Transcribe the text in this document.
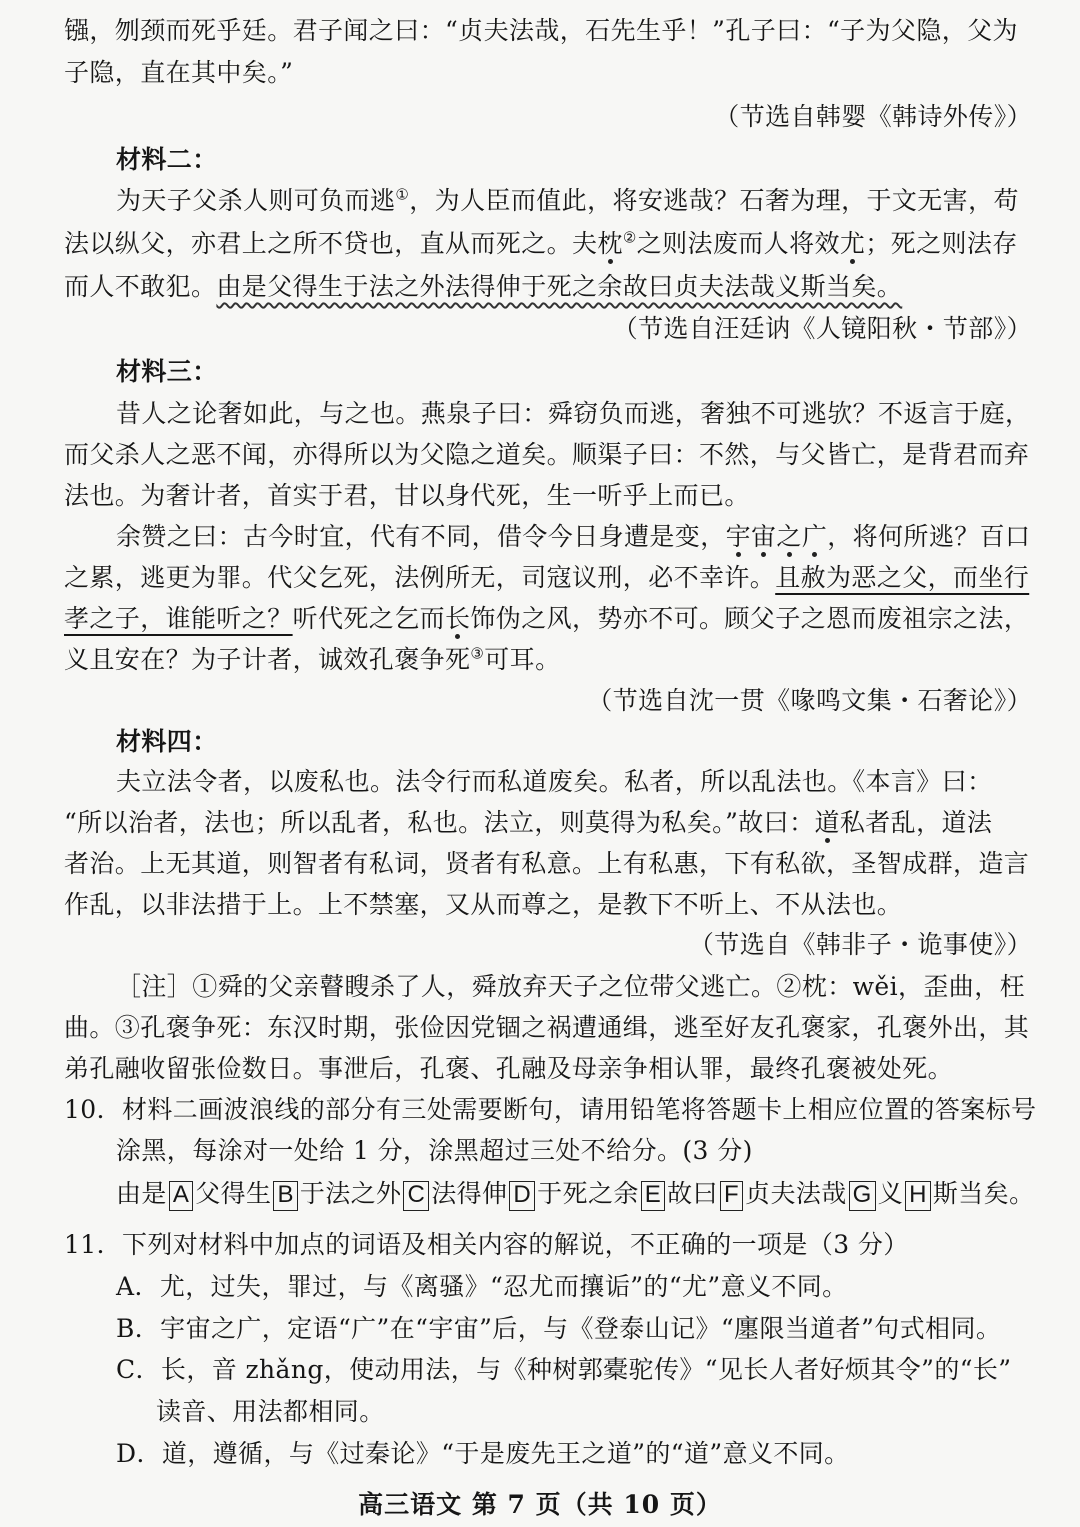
镪，刎颈而死乎廷。君子闻之曰：“贞夫法哉，石先生乎！”孔子曰：“子为父隐，父为
子隐，直在其中矣。”
（节选自韩婴《韩诗外传》）
材料二：
为天子父杀人则可负而逃①，为人臣而值此，将安逃哉？石奢为理，于文无害，苟
法以纵父，亦君上之所不贷也，直从而死之。夫枕②之则法废而人将效尤；死之则法存
而人不敢犯。由是父得生于法之外法得伸于死之余故曰贞夫法哉义斯当矣。
（节选自汪廷讷《人镜阳秋・节部》）
材料三：
昔人之论奢如此，与之也。燕泉子曰：舜窃负而逃，奢独不可逃欤？不返言于庭，
而父杀人之恶不闻，亦得所以为父隐之道矣。顺渠子曰：不然，与父皆亡，是背君而弃
法也。为奢计者，首实于君，甘以身代死，生一听乎上而已。
余赞之曰：古今时宜，代有不同，借令今日身遭是变，宇宙之广，将何所逃？百口
之累，逃更为罪。代父乞死，法例所无，司寇议刑，必不幸许。且赦为恶之父，而坐行
孝之子，谁能听之？听代死之乞而长饰伪之风，势亦不可。顾父子之恩而废祖宗之法，
义且安在？为子计者，诚效孔褒争死③可耳。
（节选自沈一贯《喙鸣文集・石奢论》）
材料四：
夫立法令者，以废私也。法令行而私道废矣。私者，所以乱法也。《本言》曰：
“所以治者，法也；所以乱者，私也。法立，则莫得为私矣。”故曰：道私者乱，道法
者治。上无其道，则智者有私词，贤者有私意。上有私惠，下有私欲，圣智成群，造言
作乱，以非法措于上。上不禁塞，又从而尊之，是教下不听上、不从法也。
（节选自《韩非子・诡事使》）
［注］①舜的父亲瞽瞍杀了人，舜放弃天子之位带父逃亡。②枕：wěi，歪曲，枉
曲。③孔褒争死：东汉时期，张俭因党锢之祸遭通缉，逃至好友孔褒家，孔褒外出，其
弟孔融收留张俭数日。事泄后，孔褒、孔融及母亲争相认罪，最终孔褒被处死。
10．材料二画波浪线的部分有三处需要断句，请用铅笔将答题卡上相应位置的答案标号
涂黑，每涂对一处给 1 分，涂黑超过三处不给分。(3 分)
由是 A 父得生 B 于法之外 C 法得伸 D 于死之余 E 故曰 F 贞夫法哉 G 义 H 斯当矣。
11．下列对材料中加点的词语及相关内容的解说，不正确的一项是（3 分）
A．尤，过失，罪过，与《离骚》“忍尤而攘诟”的“尤”意义不同。
B．宇宙之广，定语“广”在“宇宙”后，与《登泰山记》“廛限当道者”句式相同。
C．长，音 zhǎng，使动用法，与《种树郭橐驼传》“见长人者好烦其令”的“长”
读音、用法都相同。
D．道，遵循，与《过秦论》“于是废先王之道”的“道”意义不同。
高三语文 第 7 页（共 10 页）
